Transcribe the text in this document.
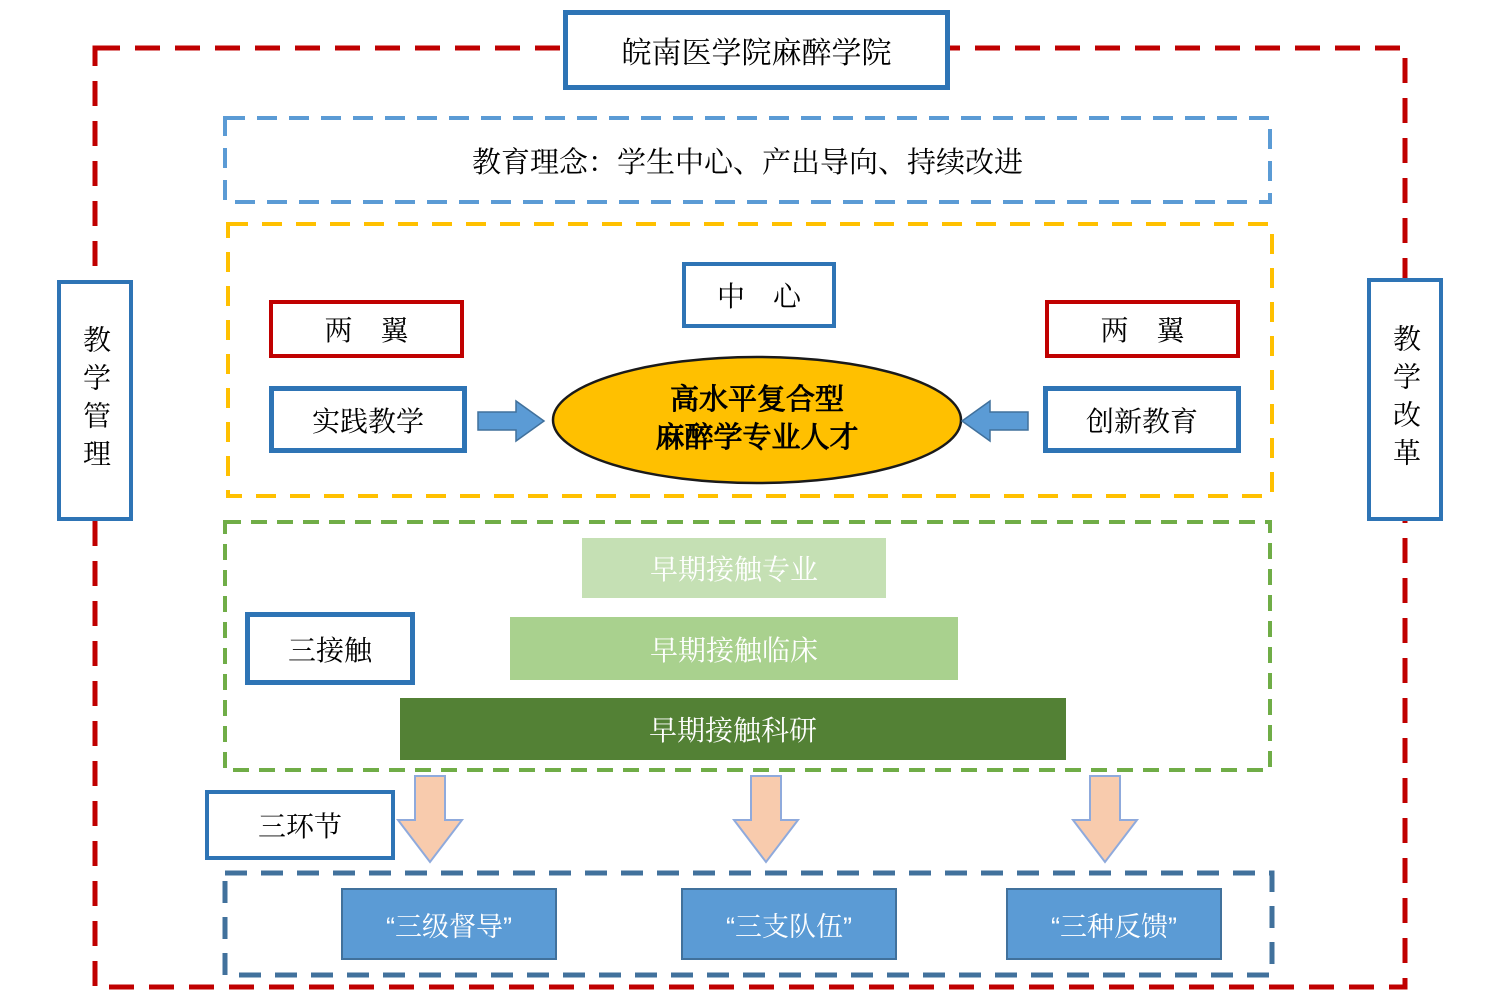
皖南医学院麻醉学院
教学管理	教学改革
教育理念：学生中心、产出导向、持续改进
中　心
两　翼	两　翼
实践教学	创新教育
高水平复合型
麻醉学专业人才
三接触
早期接触专业
早期接触临床
早期接触科研
三环节
“三级督导”	“三支队伍”	“三种反馈”
